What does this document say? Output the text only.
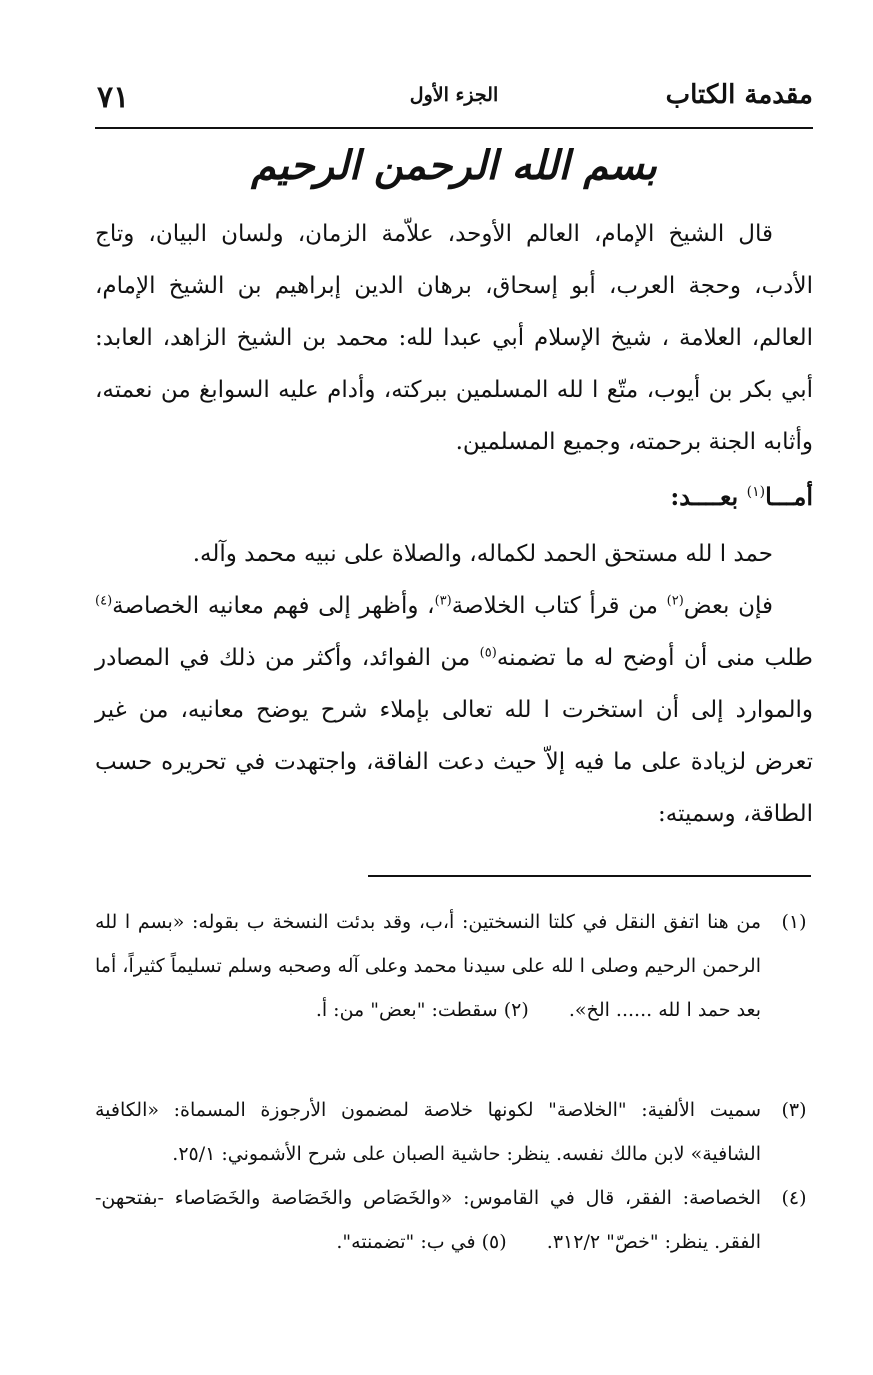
مقدمة الكتاب
الجزء الأول
٧١
بسم الله الرحمن الرحيم

قال الشيخ الإمام، العالم الأوحد، علاّمة الزمان، ولسان البيان، وتاج الأدب، وحجة العرب، أبو إسحاق، برهان الدين إبراهيم بن الشيخ الإمام، العالم، العلامة ، شيخ الإسلام أبي عبدا لله: محمد بن الشيخ الزاهد، العابد: أبي بكر بن أيوب، متّع ا لله المسلمين ببركته، وأدام عليه السوابغ من نعمته، وأثابه الجنة برحمته، وجميع المسلمين.

أمـــا$^{(١)}$ بعــــد:

حمد ا لله مستحق الحمد لكماله، والصلاة على نبيه محمد وآله.

فإن بعض$^{(٢)}$ من قرأ كتاب الخلاصة$^{(٣)}$، وأظهر إلى فهم معانيه الخصاصة$^{(٤)}$ طلب منى أن أوضح له ما تضمنه$^{(٥)}$ من الفوائد، وأكثر من ذلك في المصادر والموارد إلى أن استخرت ا لله تعالى بإملاء شرح يوضح معانيه، من غير تعرض لزيادة على ما فيه إلاّ حيث دعت الفاقة، واجتهدت في تحريره حسب الطاقة، وسميته:

(١)
من هنا اتفق النقل في كلتا النسختين: أ،ب، وقد بدئت النسخة ب بقوله: «بسم ا لله الرحمن الرحيم وصلى ا لله على سيدنا محمد وعلى آله وصحبه وسلم تسليماً كثيراً، أما بعد حمد ا لله ...... الخ».  (٢) سقطت: "بعض" من: أ.
(٣)
سميت الألفية: "الخلاصة" لكونها خلاصة لمضمون الأرجوزة المسماة: «الكافية الشافية» لابن مالك نفسه. ينظر: حاشية الصبان على شرح الأشموني: ٢٥/١.
(٤)
الخصاصة: الفقر، قال في القاموس: «والخَصَاص والخَصَاصة والخَصَاصاء -بفتحهن- الفقر. ينظر: "خصّ" ٣١٢/٢.  (٥) في ب: "تضمنته".
